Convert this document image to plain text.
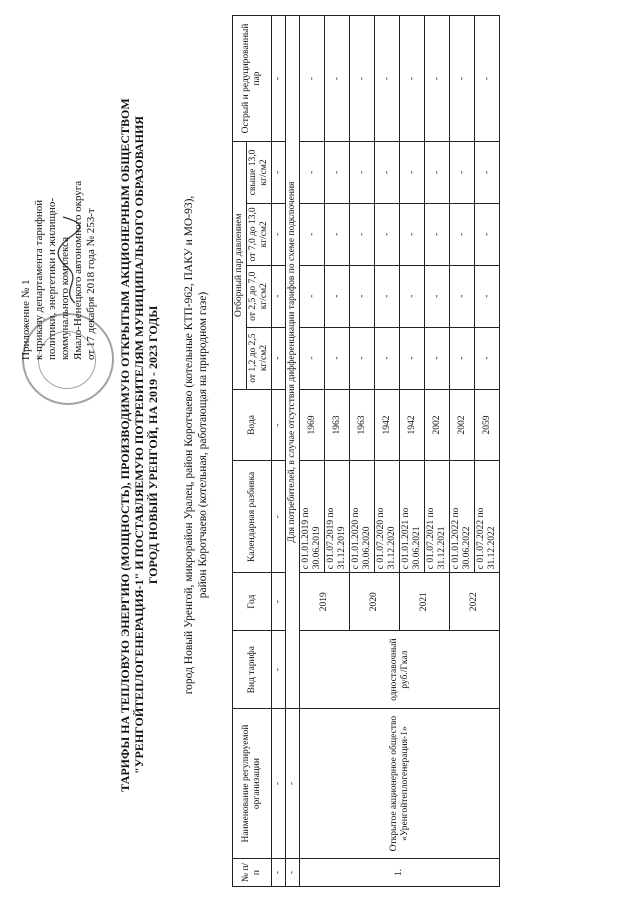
Приложение № 1 к приказу департамента тарифной политики, энергетики и жилищно- коммунального комплекса Ямало-Ненецкого автономного округа от 17 декабря 2018 года № 253-т ТАРИФЫ НА ТЕПЛОВУЮ ЭНЕРГИЮ (МОЩНОСТЬ), ПРОИЗВОДИМУЮ ОТКРЫТЫМ АКЦИОНЕРНЫМ ОБЩЕСТВОМ "УРЕНГОЙТЕПЛОГЕНЕРАЦИЯ-1" И ПОСТАВЛЯЕМУЮ ПОТРЕБИТЕЛЯМ МУНИЦИПАЛЬНОГО ОБРАЗОВАНИЯ ГОРОД НОВЫЙ УРЕНГОЙ, НА 2019 - 2023 ГОДЫ город Новый Уренгой, микрорайон Уралец, район Коротчаево (котельные КТП-962, ПАКУ и МО-93), район Коротчаево (котельная, работающая на природном газе)
№ п/п	Наименование регулируемой организации	Вид тарифа	Год	Календарная разбивка	Вода	Отборный пар давлением				Острый и редуцированный пар
						от 1,2 до 2,5 кг/см2	от 2,5 до 7,0 кг/см2	от 7,0 до 13,0 кг/см2	свыше 13,0 кг/см2	
-	-	-	-	-	-	-	-	-	-	-
-	-	Для потребителей, в случае отсутствия дифференциации тарифов по схеме подключения								
1.	Открытое акционерное общество «Уренгойтеплогенерация-1»	одноставочный руб./Гкал	2019	с 01.01.2019 по 30.06.2019	1969	-	-	-	-	-
				с 01.07.2019 по 31.12.2019	1963	-	-	-	-	-
			2020	с 01.01.2020 по 30.06.2020	1963	-	-	-	-	-
				с 01.07.2020 по 31.12.2020	1942	-	-	-	-	-
			2021	с 01.01.2021 по 30.06.2021	1942	-	-	-	-	-
				с 01.07.2021 по 31.12.2021	2002	-	-	-	-	-
			2022	с 01.01.2022 по 30.06.2022	2002	-	-	-	-	-
				с 01.07.2022 по 31.12.2022	2059	-	-	-	-	-
